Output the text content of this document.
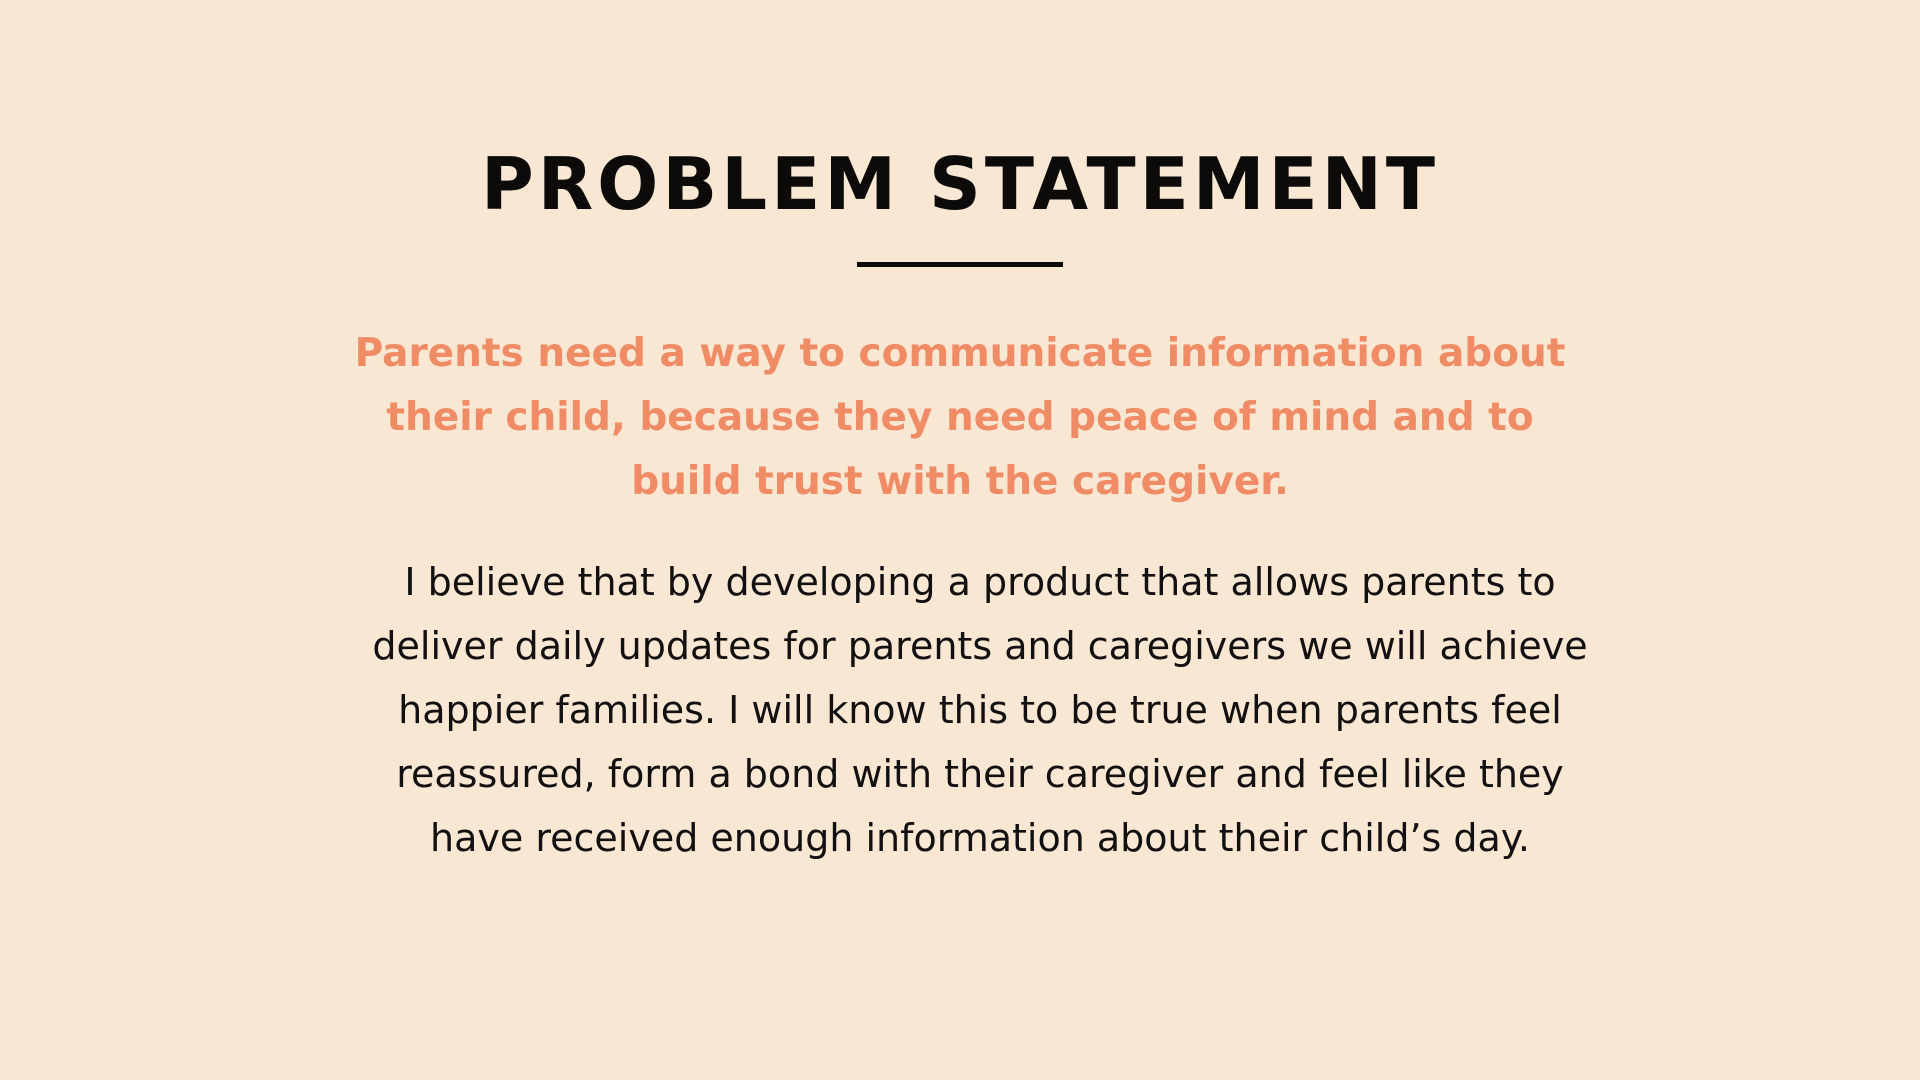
PROBLEM STATEMENT
Parents need a way to communicate information about their child, because they need peace of mind and to build trust with the caregiver.
I believe that by developing a product that allows parents to deliver daily updates for parents and caregivers we will achieve happier families. I will know this to be true when parents feel reassured, form a bond with their caregiver and feel like they have received enough information about their child’s day.
